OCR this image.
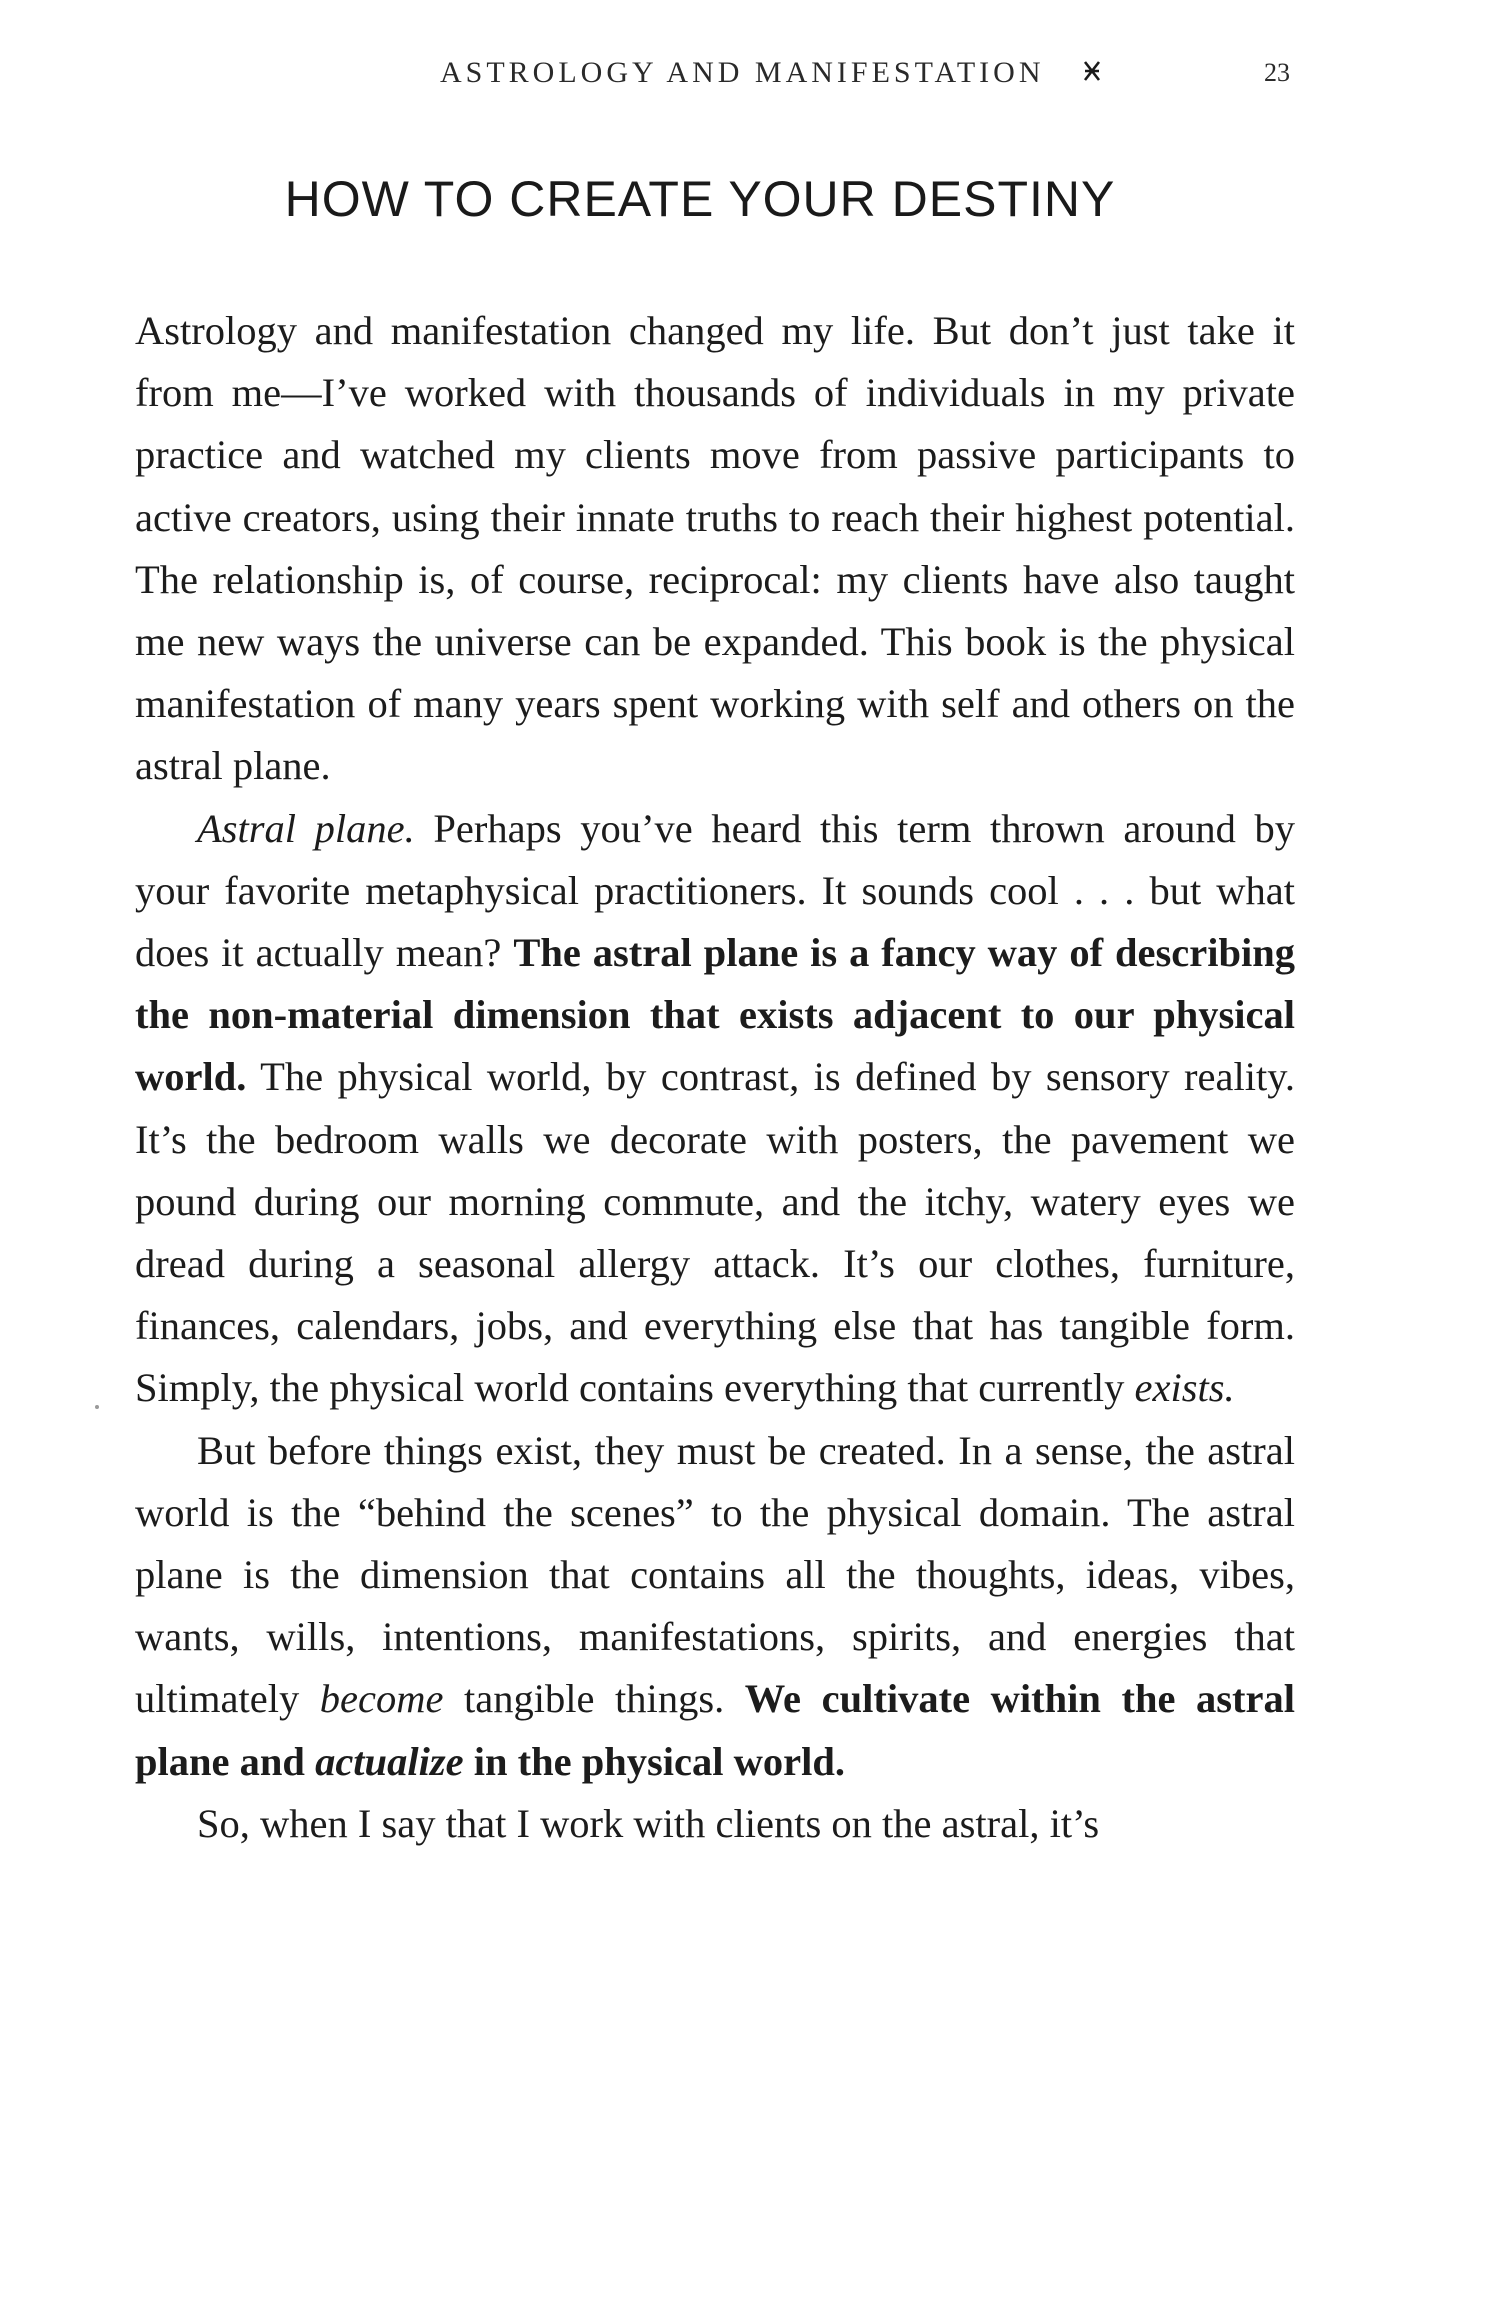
ASTROLOGY AND MANIFESTATION	23
HOW TO CREATE YOUR DESTINY

Astrology and manifestation changed my life. But don’t just take it from me—I’ve worked with thousands of individuals in my private practice and watched my clients move from passive participants to active creators, using their innate truths to reach their highest potential. The relationship is, of course, reciprocal: my clients have also taught me new ways the universe can be expanded. This book is the physical manifestation of many years spent working with self and others on the astral plane.

Astral plane. Perhaps you’ve heard this term thrown around by your favorite metaphysical practitioners. It sounds cool . . . but what does it actually mean? The astral plane is a fancy way of describing the non-material dimension that exists adjacent to our physical world. The physical world, by contrast, is defined by sensory reality. It’s the bedroom walls we decorate with posters, the pavement we pound during our morning commute, and the itchy, watery eyes we dread during a seasonal allergy attack. It’s our clothes, furniture, finances, calendars, jobs, and everything else that has tangible form. Simply, the physical world contains everything that currently exists.

But before things exist, they must be created. In a sense, the astral world is the “behind the scenes” to the physical domain. The astral plane is the dimension that contains all the thoughts, ideas, vibes, wants, wills, intentions, manifestations, spirits, and energies that ultimately become tangible things. We cultivate within the astral plane and actualize in the physical world.

So, when I say that I work with clients on the astral, it’s
